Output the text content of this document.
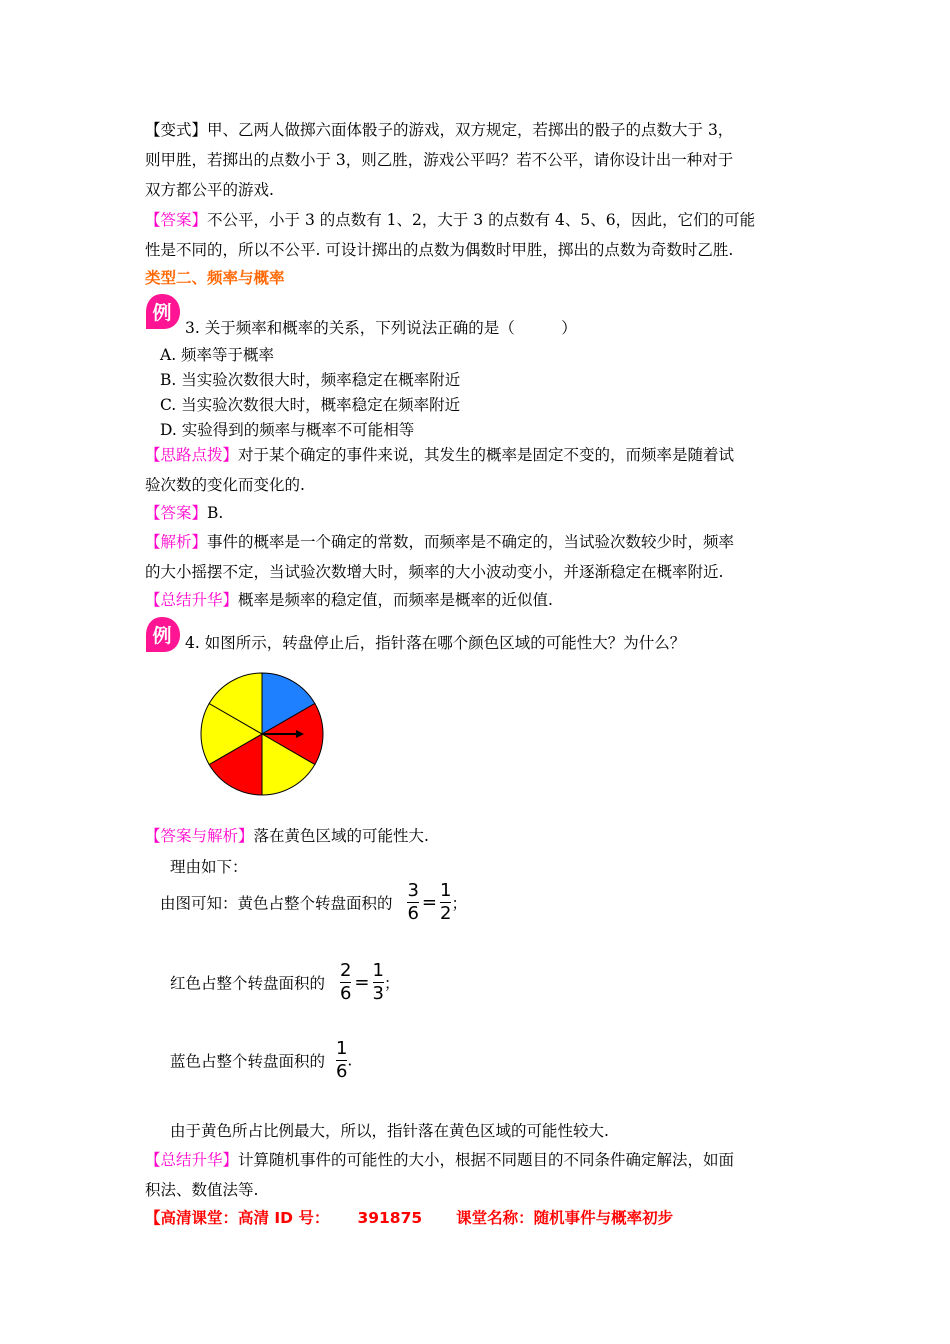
【变式】甲、乙两人做掷六面体骰子的游戏，双方规定，若掷出的骰子的点数大于 3，
则甲胜，若掷出的点数小于 3，则乙胜，游戏公平吗？若不公平，请你设计出一种对于
双方都公平的游戏.
【答案】不公平，小于 3 的点数有 1、2，大于 3 的点数有 4、5、6，因此，它们的可能
性是不同的，所以不公平. 可设计掷出的点数为偶数时甲胜，掷出的点数为奇数时乙胜.
类型二、频率与概率
例
3. 关于频率和概率的关系，下列说法正确的是（　　　）
A. 频率等于概率
B. 当实验次数很大时，频率稳定在概率附近
C. 当实验次数很大时，概率稳定在频率附近
D. 实验得到的频率与概率不可能相等
【思路点拨】对于某个确定的事件来说，其发生的概率是固定不变的，而频率是随着试
验次数的变化而变化的.
【答案】B.
【解析】事件的概率是一个确定的常数，而频率是不确定的，当试验次数较少时，频率
的大小摇摆不定，当试验次数增大时，频率的大小波动变小，并逐渐稳定在概率附近.
【总结升华】概率是频率的稳定值，而频率是概率的近似值.
例 4. 如图所示，转盘停止后，指针落在哪个颜色区域的可能性大？为什么？
【答案与解析】落在黄色区域的可能性大.
理由如下：
由图可知：黄色占整个转盘面积的 $\frac{3}{6} = \frac{1}{2}$ ；
红色占整个转盘面积的 $\frac{2}{6} = \frac{1}{3}$ ；
蓝色占整个转盘面积的 $\frac{1}{6}$ .
由于黄色所占比例最大，所以，指针落在黄色区域的可能性较大.
【总结升华】计算随机事件的可能性的大小，根据不同题目的不同条件确定解法，如面
积法、数值法等.
【高清课堂：高清 ID 号： 391875 课堂名称：随机事件与概率初步
